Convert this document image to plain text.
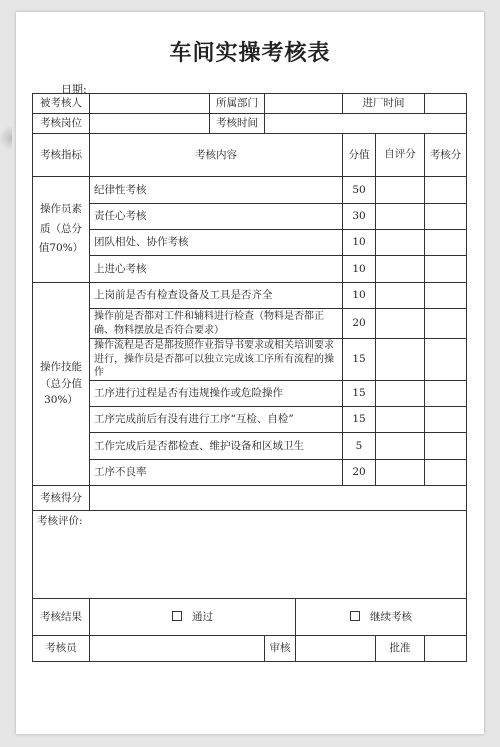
车间实操考核表
日期:
被考核人		所属部门			进厂时间		
考核岗位		考核时间					
考核指标	考核内容				分值	自评分	考核分
操作员素质（总分值70%）	纪律性考核				50		
	责任心考核				30		
	团队相处、协作考核				10		
	上进心考核				10		
操作技能（总分值30%）	上岗前是否有检查设备及工具是否齐全				10		
	操作前是否都对工件和辅料进行检查（物料是否都正确、物料摆放是否符合要求）				20		
	操作流程是否是都按照作业指导书要求或相关培训要求进行，操作员是否都可以独立完成该工序所有流程的操作				15		
	工序进行过程是否有违规操作或危险操作				15		
	工序完成前后有没有进行工序“互检、自检”				15		
	工作完成后是否都检查、维护设备和区域卫生				5		
	工序不良率				20		
考核得分							
考核评价:							
考核结果	通过			继续考核			
考核员			审核			批准	
